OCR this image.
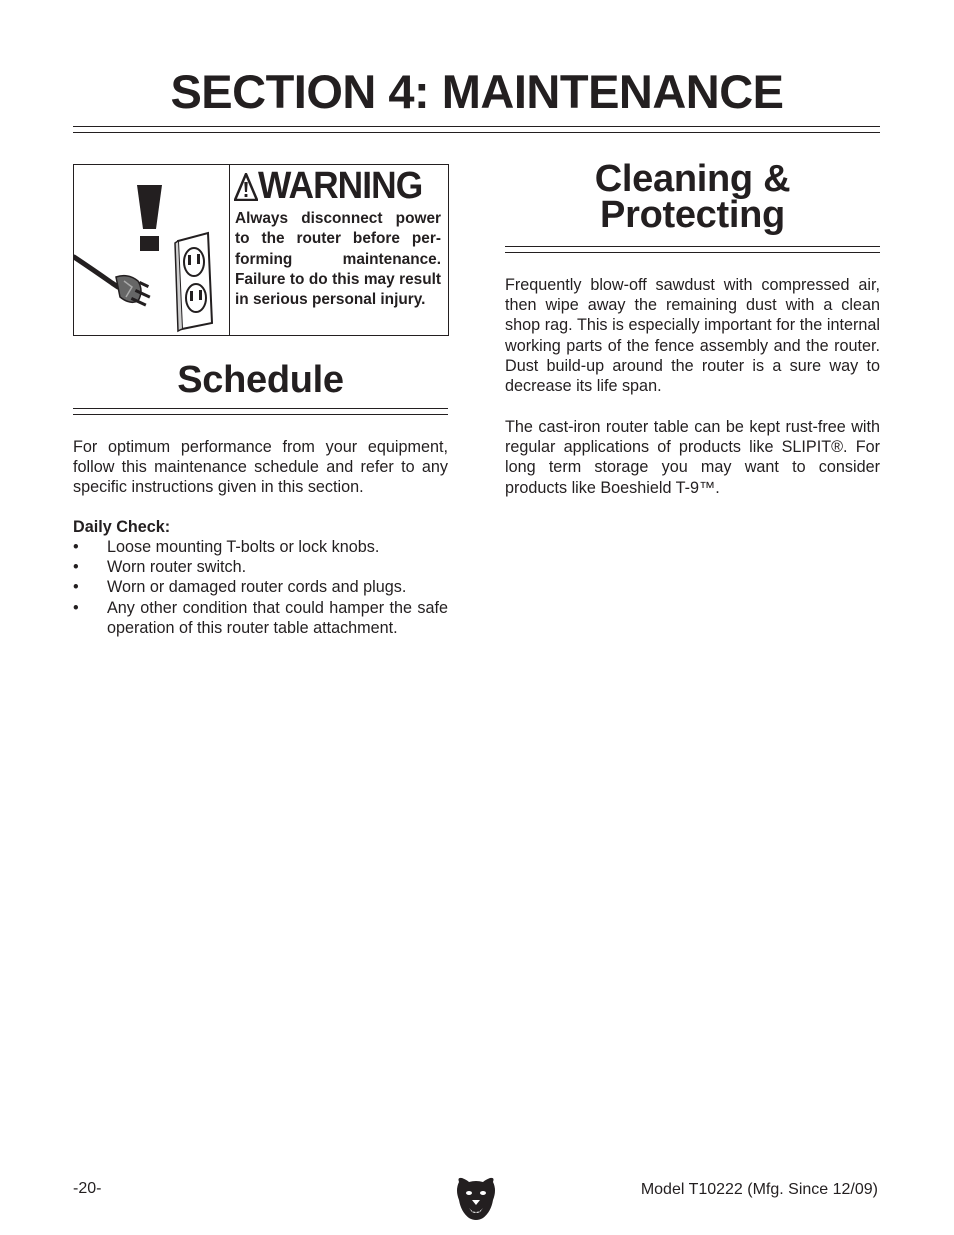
SECTION 4: MAINTENANCE

WARNING

Always disconnect power to the router before performing maintenance. Failure to do this may result in serious personal injury.

Schedule

For optimum performance from your equipment, follow this maintenance schedule and refer to any specific instructions given in this section.

Daily Check:

• Loose mounting T-bolts or lock knobs.
• Worn router switch.
• Worn or damaged router cords and plugs.
• Any other condition that could hamper the safe operation of this router table attachment.
Cleaning &
Protecting

Frequently blow-off sawdust with compressed air, then wipe away the remaining dust with a clean shop rag. This is especially important for the internal working parts of the fence assembly and the router. Dust build-up around the router is a sure way to decrease its life span.

The cast-iron router table can be kept rust-free with regular applications of products like SLIPIT®. For long term storage you may want to consider products like Boeshield T-9™.

-20-	Model T10222 (Mfg. Since 12/09)
